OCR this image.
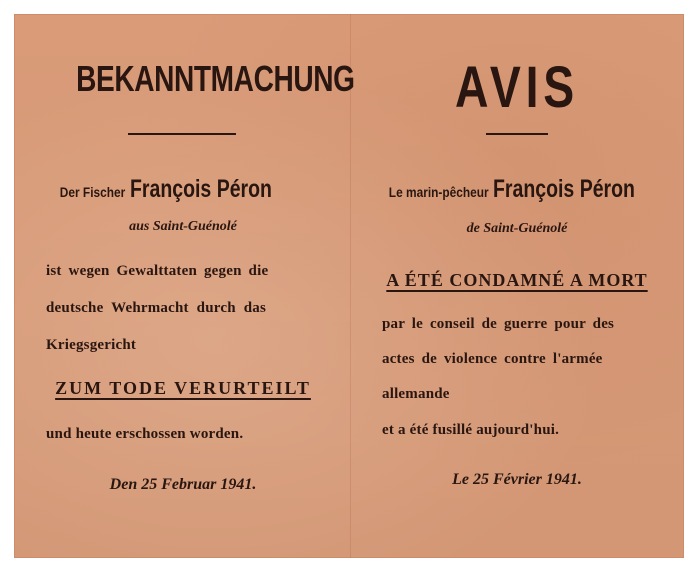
BEKANNTMACHUNG
Der Fischer François Péron
aus Saint-Guénolé
ist wegen Gewalttaten gegen die
deutsche Wehrmacht durch das
Kriegsgericht
ZUM TODE VERURTEILT
und heute erschossen worden.
Den 25 Februar 1941.
AVIS
Le marin-pêcheur François Péron
de Saint-Guénolé
A ÉTÉ CONDAMNÉ A MORT
par le conseil de guerre pour des
actes de violence contre l'armée
allemande
et a été fusillé aujourd'hui.
Le 25 Février 1941.
